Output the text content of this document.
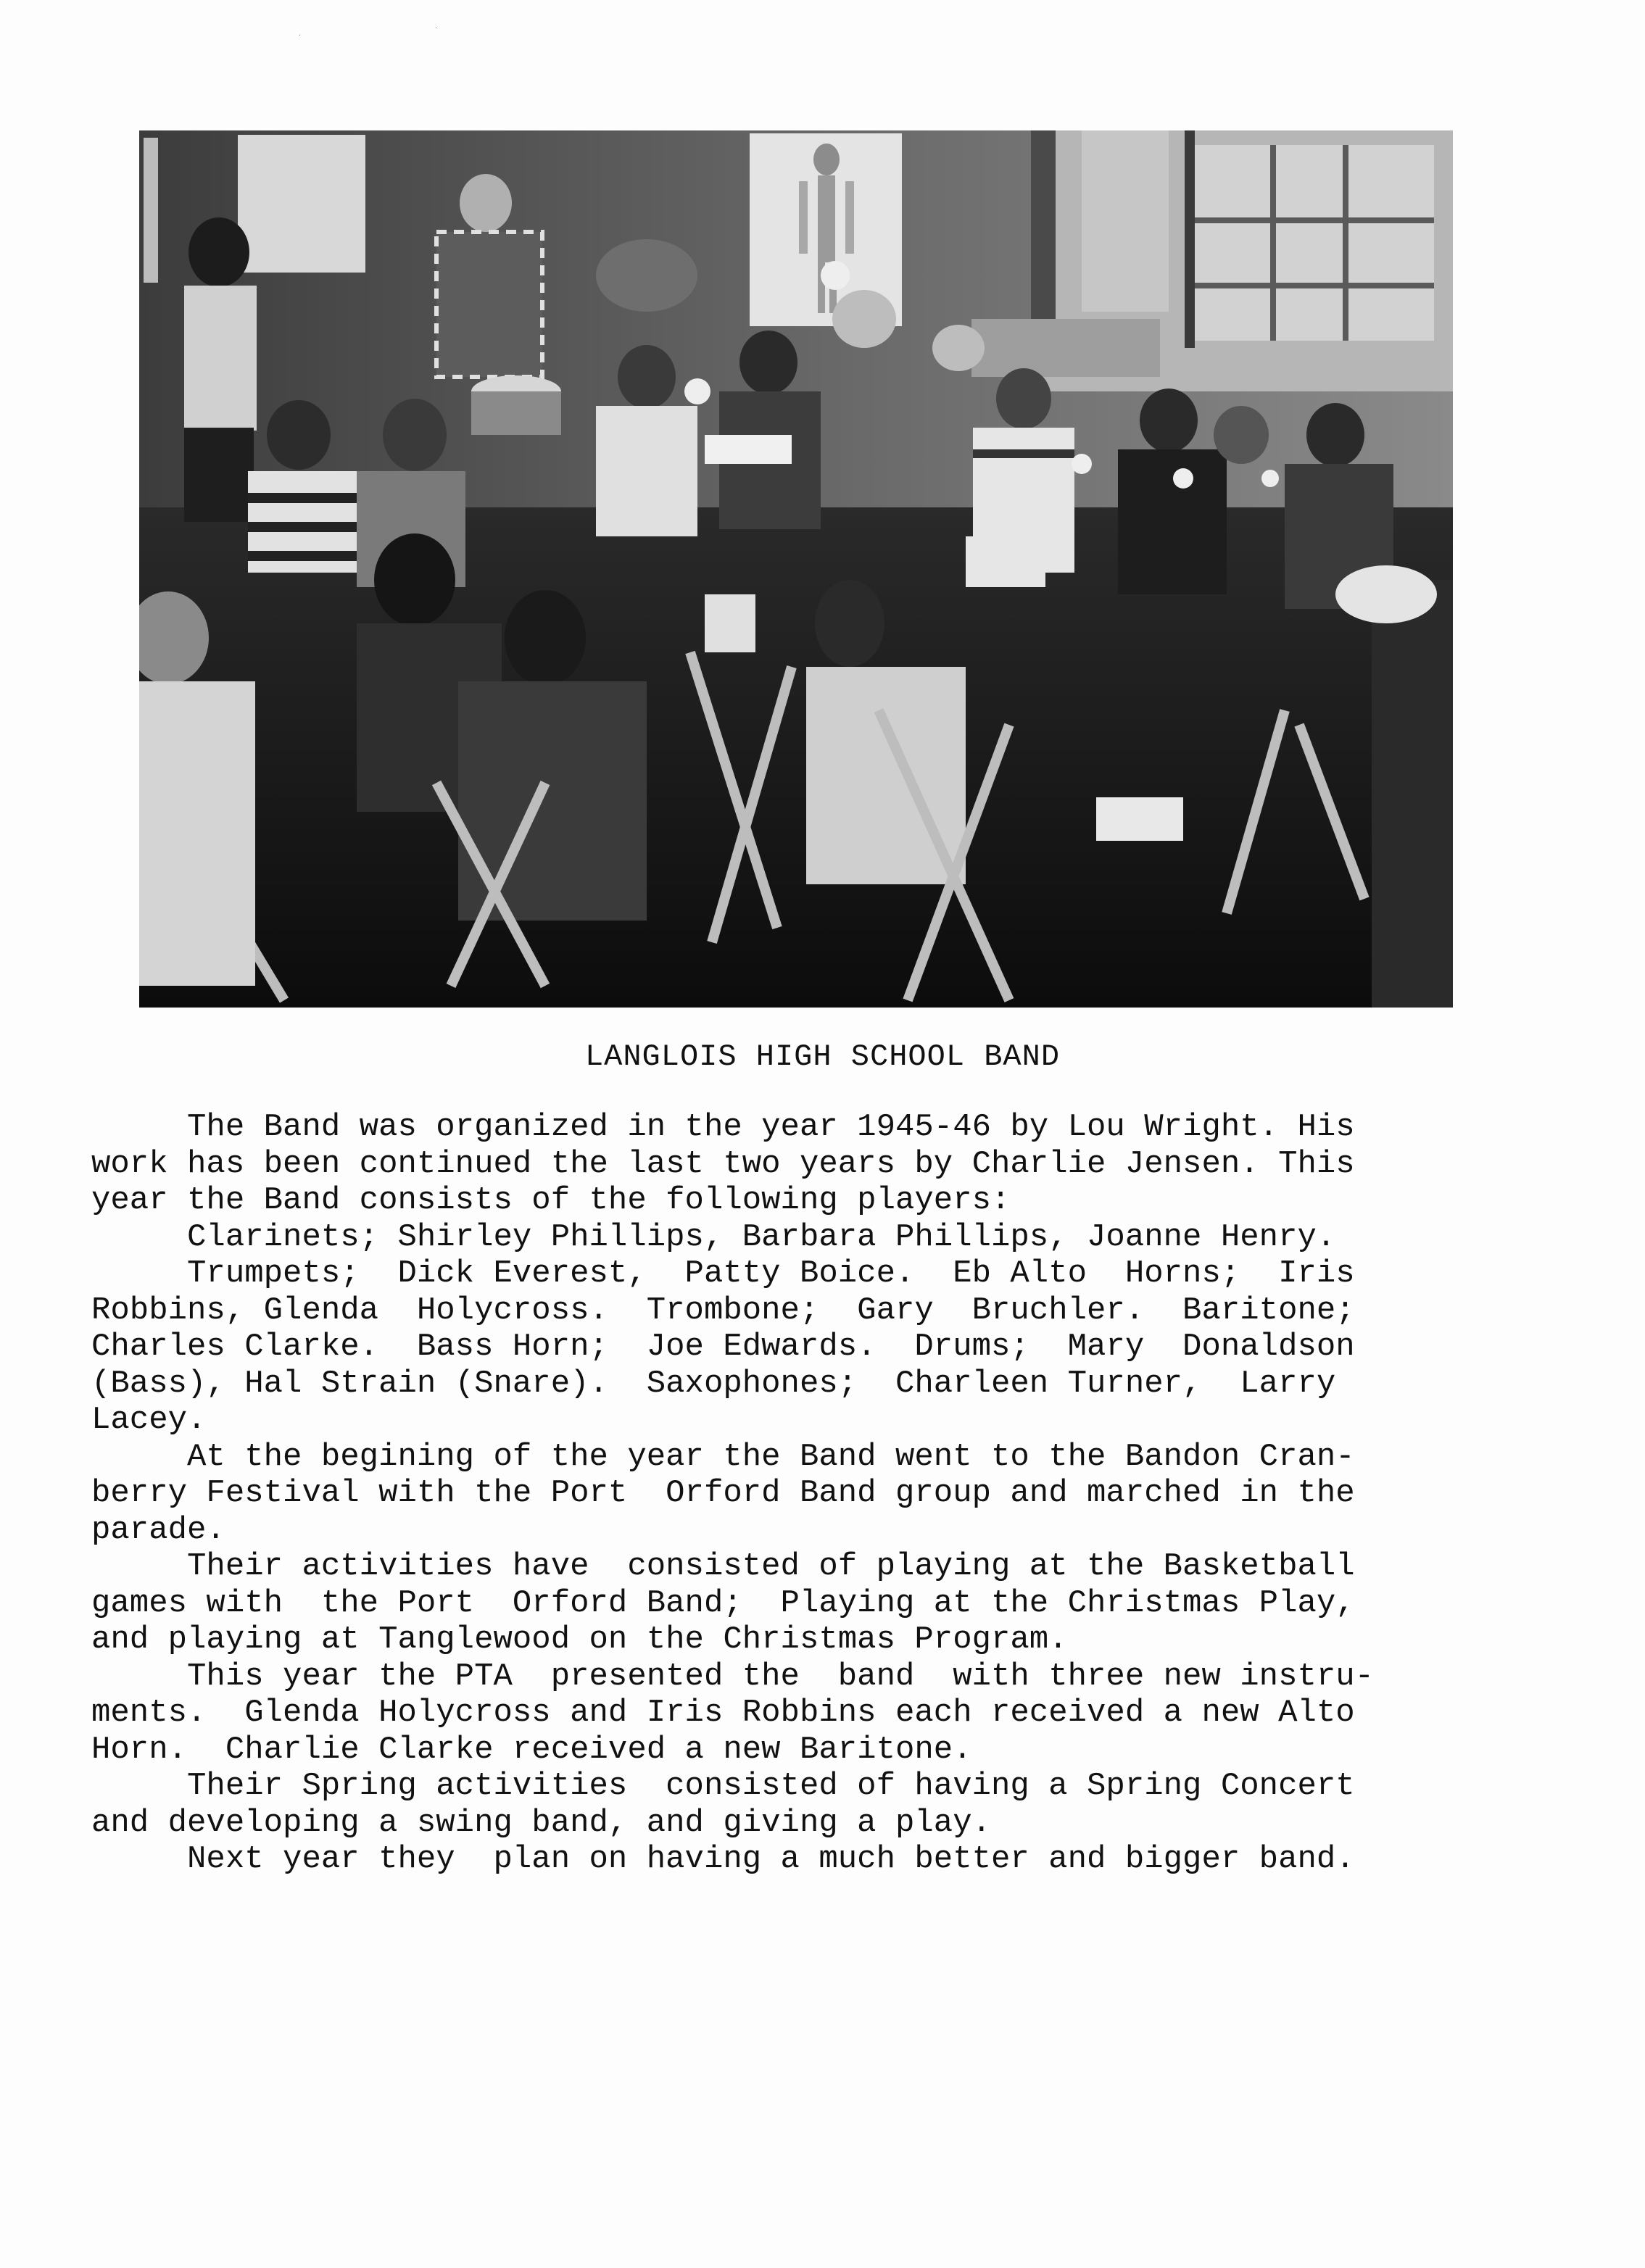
·
·
LANGLOIS HIGH SCHOOL BAND
The Band was organized in the year 1945-46 by Lou Wright. His
work has been continued the last two years by Charlie Jensen. This
year the Band consists of the following players:
Clarinets; Shirley Phillips, Barbara Phillips, Joanne Henry.
Trumpets;  Dick Everest,  Patty Boice.  Eb Alto  Horns;  Iris
Robbins, Glenda  Holycross.  Trombone;  Gary  Bruchler.  Baritone;
Charles Clarke.  Bass Horn;  Joe Edwards.  Drums;  Mary  Donaldson
(Bass), Hal Strain (Snare).  Saxophones;  Charleen Turner,  Larry
Lacey.
At the begining of the year the Band went to the Bandon Cran-
berry Festival with the Port  Orford Band group and marched in the
parade.
Their activities have  consisted of playing at the Basketball
games with  the Port  Orford Band;  Playing at the Christmas Play,
and playing at Tanglewood on the Christmas Program.
This year the PTA  presented the  band  with three new instru-
ments.  Glenda Holycross and Iris Robbins each received a new Alto
Horn.  Charlie Clarke received a new Baritone.
Their Spring activities  consisted of having a Spring Concert
and developing a swing band, and giving a play.
Next year they  plan on having a much better and bigger band.
